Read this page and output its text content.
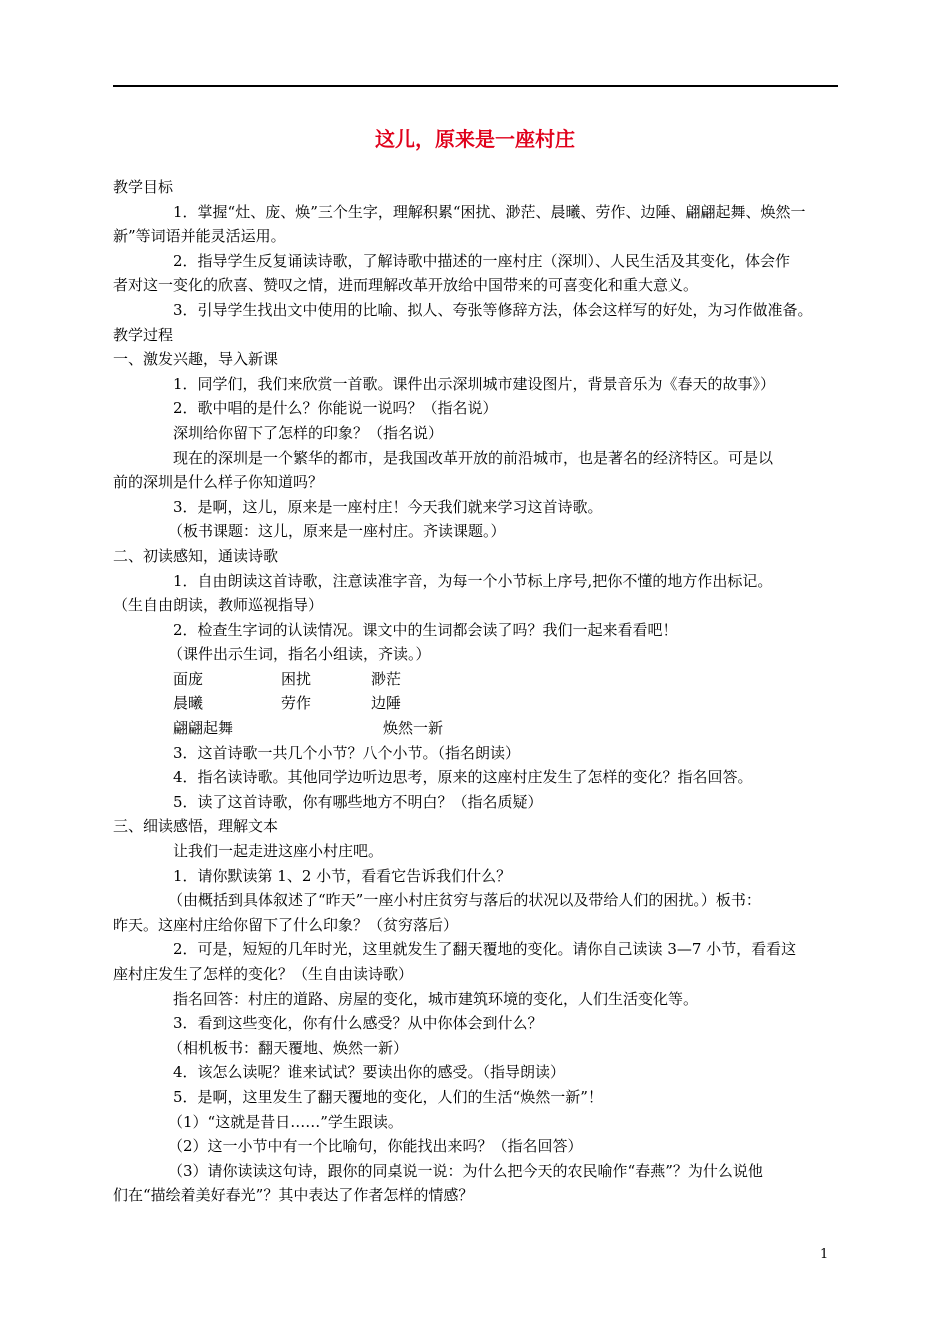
这儿，原来是一座村庄
教学目标
1．掌握“灶、庞、焕”三个生字，理解积累“困扰、渺茫、晨曦、劳作、边陲、翩翩起舞、焕然一
新”等词语并能灵活运用。
2．指导学生反复诵读诗歌，了解诗歌中描述的一座村庄（深圳）、人民生活及其变化，体会作
者对这一变化的欣喜、赞叹之情，进而理解改革开放给中国带来的可喜变化和重大意义。
3．引导学生找出文中使用的比喻、拟人、夸张等修辞方法，体会这样写的好处，为习作做准备。
教学过程
一、激发兴趣，导入新课
1．同学们，我们来欣赏一首歌。课件出示深圳城市建设图片，背景音乐为《春天的故事》）
2．歌中唱的是什么？你能说一说吗？（指名说）
深圳给你留下了怎样的印象？（指名说）
现在的深圳是一个繁华的都市，是我国改革开放的前沿城市，也是著名的经济特区。可是以
前的深圳是什么样子你知道吗？
3．是啊，这儿，原来是一座村庄！今天我们就来学习这首诗歌。
（板书课题：这儿，原来是一座村庄。齐读课题。）
二、初读感知，通读诗歌
1．自由朗读这首诗歌，注意读准字音，为每一个小节标上序号,把你不懂的地方作出标记。
（生自由朗读，教师巡视指导）
2．检查生字词的认读情况。课文中的生词都会读了吗？我们一起来看看吧！
（课件出示生词，指名小组读，齐读。）
面庞	困扰	渺茫
晨曦	劳作	边陲
翩翩起舞	焕然一新
3．这首诗歌一共几个小节？八个小节。（指名朗读）
4．指名读诗歌。其他同学边听边思考，原来的这座村庄发生了怎样的变化？指名回答。
5．读了这首诗歌，你有哪些地方不明白？（指名质疑）
三、细读感悟，理解文本
让我们一起走进这座小村庄吧。
1．请你默读第 1、2 小节，看看它告诉我们什么？
（由概括到具体叙述了“昨天”一座小村庄贫穷与落后的状况以及带给人们的困扰。）板书：
昨天。这座村庄给你留下了什么印象？（贫穷落后）
2．可是，短短的几年时光，这里就发生了翻天覆地的变化。请你自己读读 3—7 小节，看看这
座村庄发生了怎样的变化？（生自由读诗歌）
指名回答：村庄的道路、房屋的变化，城市建筑环境的变化，人们生活变化等。
3．看到这些变化，你有什么感受？从中你体会到什么？
（相机板书：翻天覆地、焕然一新）
4．该怎么读呢？谁来试试？要读出你的感受。（指导朗读）
5．是啊，这里发生了翻天覆地的变化，人们的生活“焕然一新”！
（1）“这就是昔日……”学生跟读。
（2）这一小节中有一个比喻句，你能找出来吗？（指名回答）
（3）请你读读这句诗，跟你的同桌说一说：为什么把今天的农民喻作“春燕”？为什么说他
们在“描绘着美好春光”？其中表达了作者怎样的情感？
1
